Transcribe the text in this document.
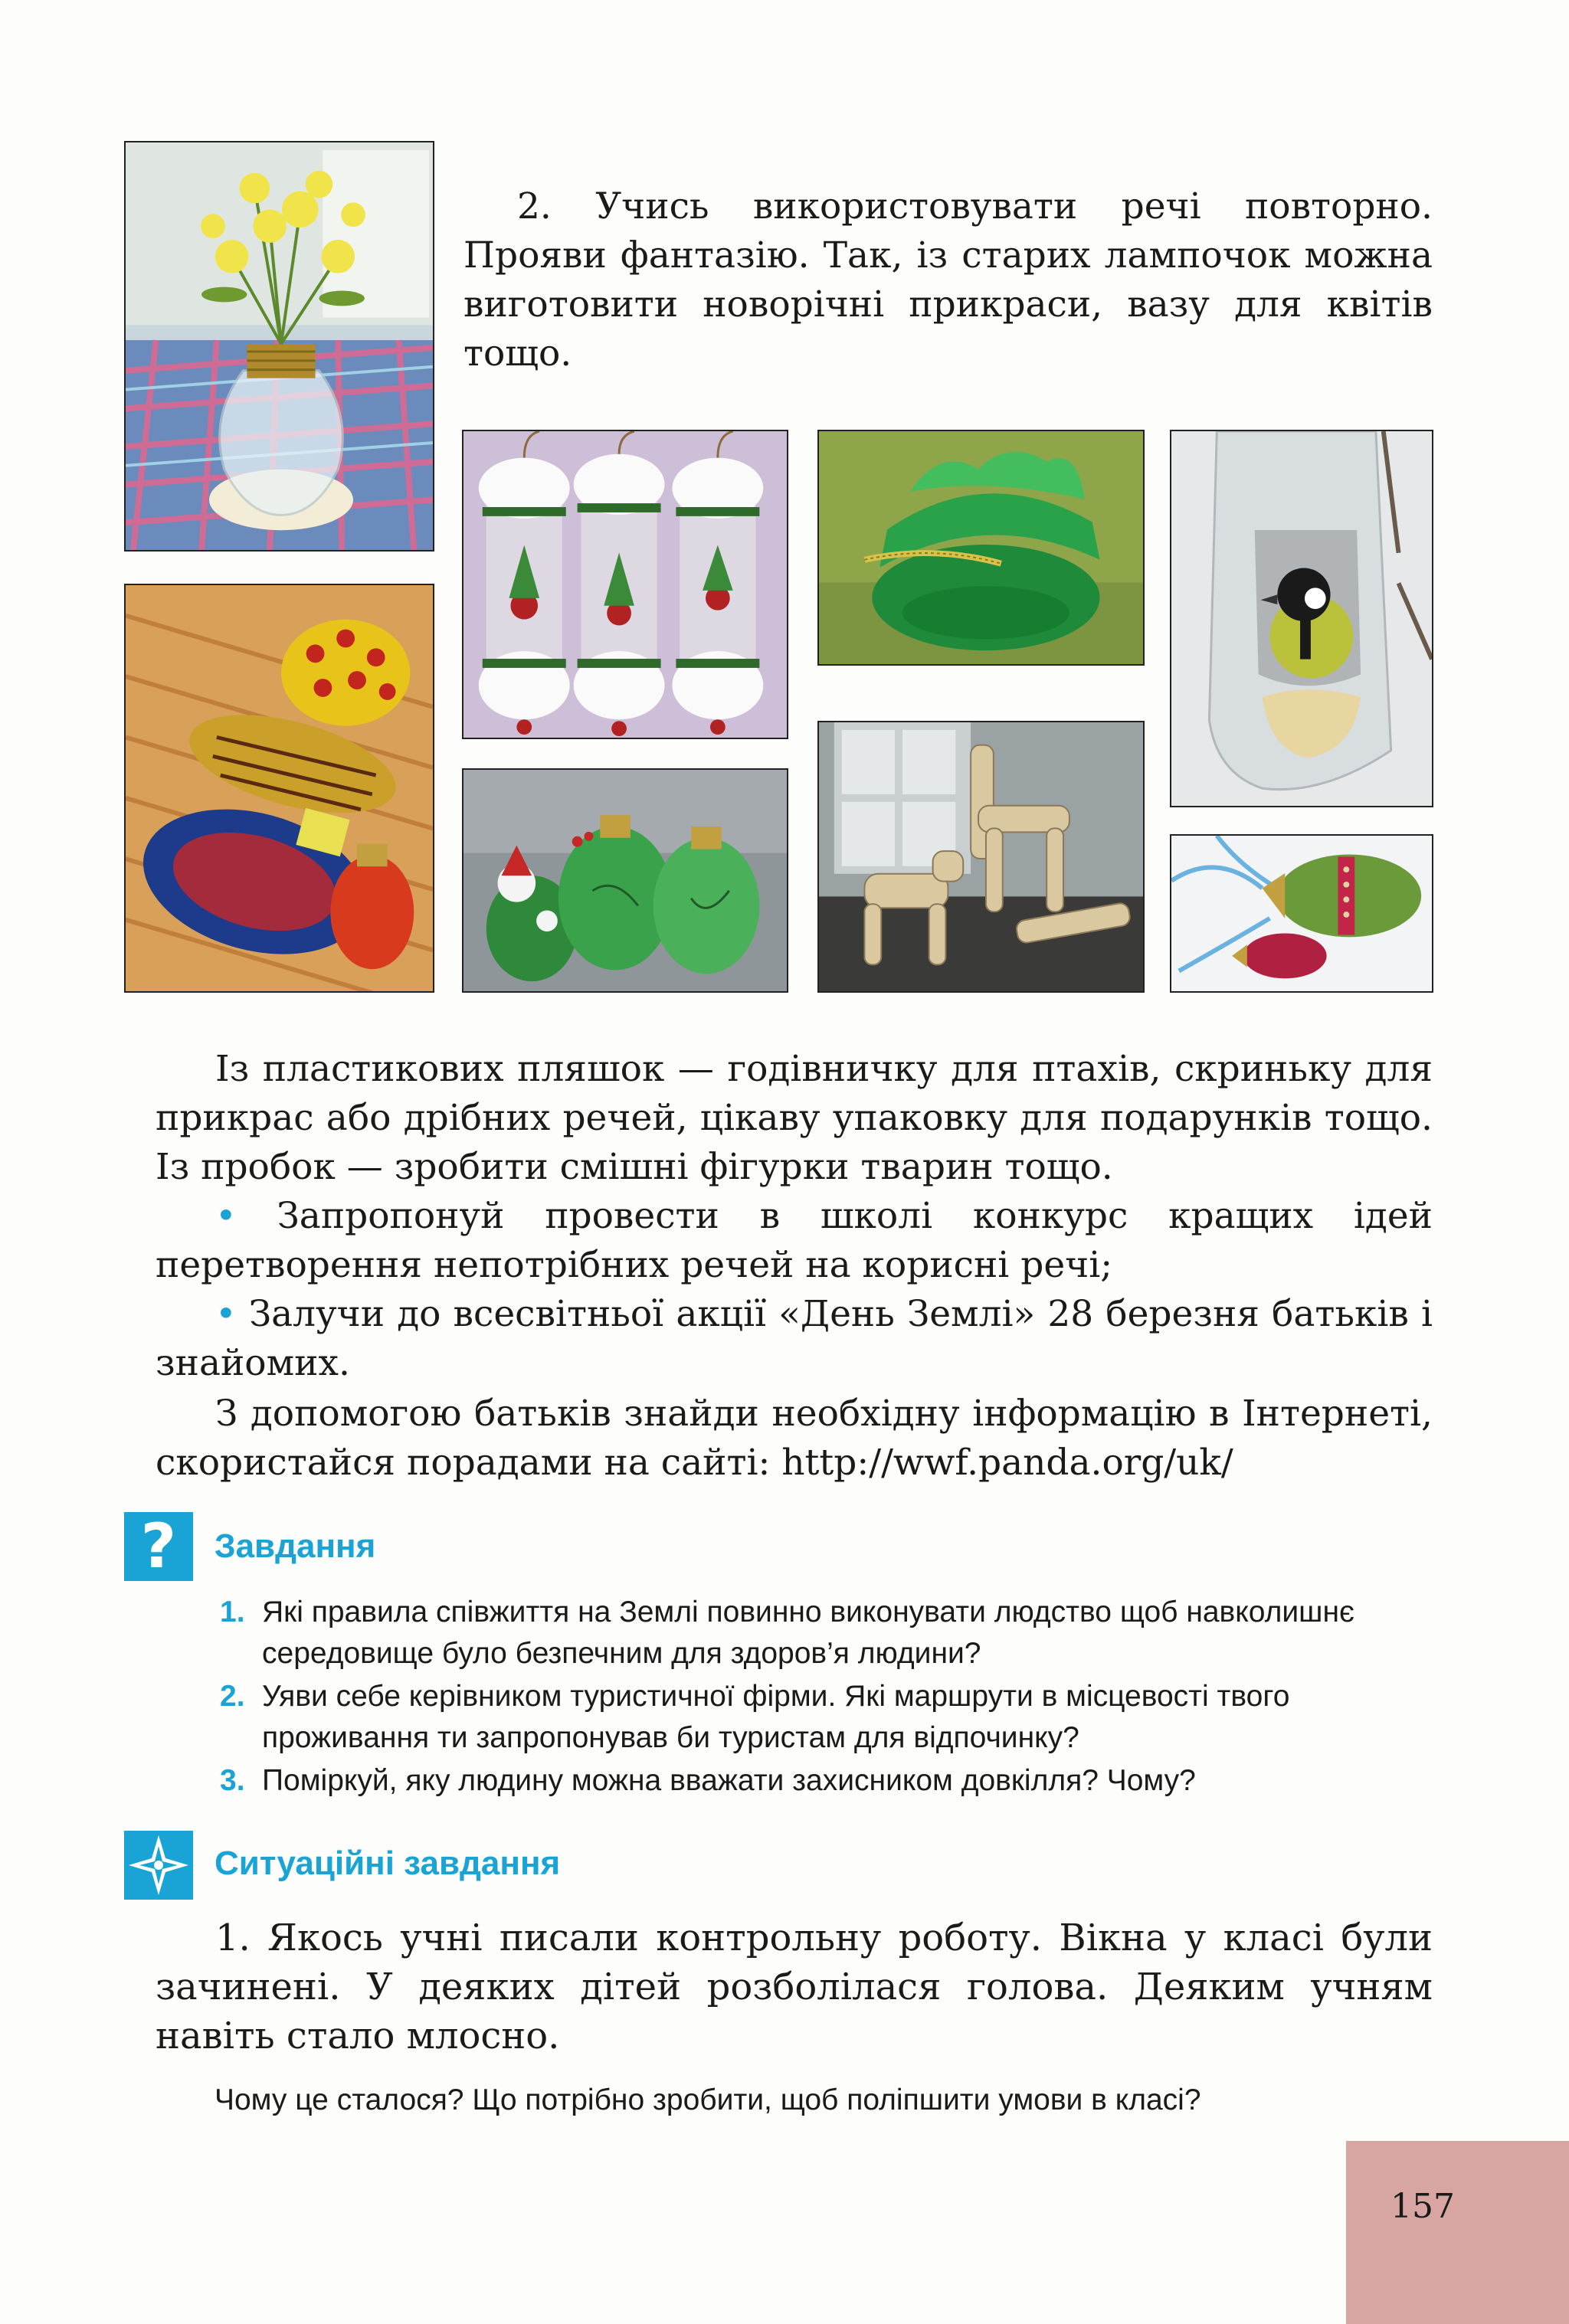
2. Учись використовувати речі повторно. Прояви фантазію. Так, із старих лампочок можна виготовити новорічні прикраси, вазу для квітів тощо.

Із пластикових пляшок — годівничку для птахів, скриньку для прикрас або дрібних речей, цікаву упаковку для подарунків тощо. Із пробок — зробити смішні фігурки тварин тощо.

• Запропонуй провести в школі конкурс кращих ідей перетворення непотрібних речей на корисні речі;

• Залучи до всесвітньої акції «День Землі» 28 березня батьків і знайомих.

З допомогою батьків знайди необхідну інформацію в Інтернеті, скористайся порадами на сайті: http://wwf.panda.org/uk/

?	Завдання
1. Які правила співжиття на Землі повинно виконувати людство щоб навколишнє середовище було безпечним для здоров’я людини?
2. Уяви себе керівником туристичної фірми. Які маршрути в місцевості твого проживання ти запропонував би туристам для відпочинку?
3. Поміркуй, яку людину можна вважати захисником довкілля? Чому?
Ситуаційні завдання

1. Якось учні писали контрольну роботу. Вікна у класі були зачинені. У деяких дітей розболілася голова. Деяким учням навіть стало млосно.

Чому це сталося? Що потрібно зробити, щоб поліпшити умови в класі?
157
